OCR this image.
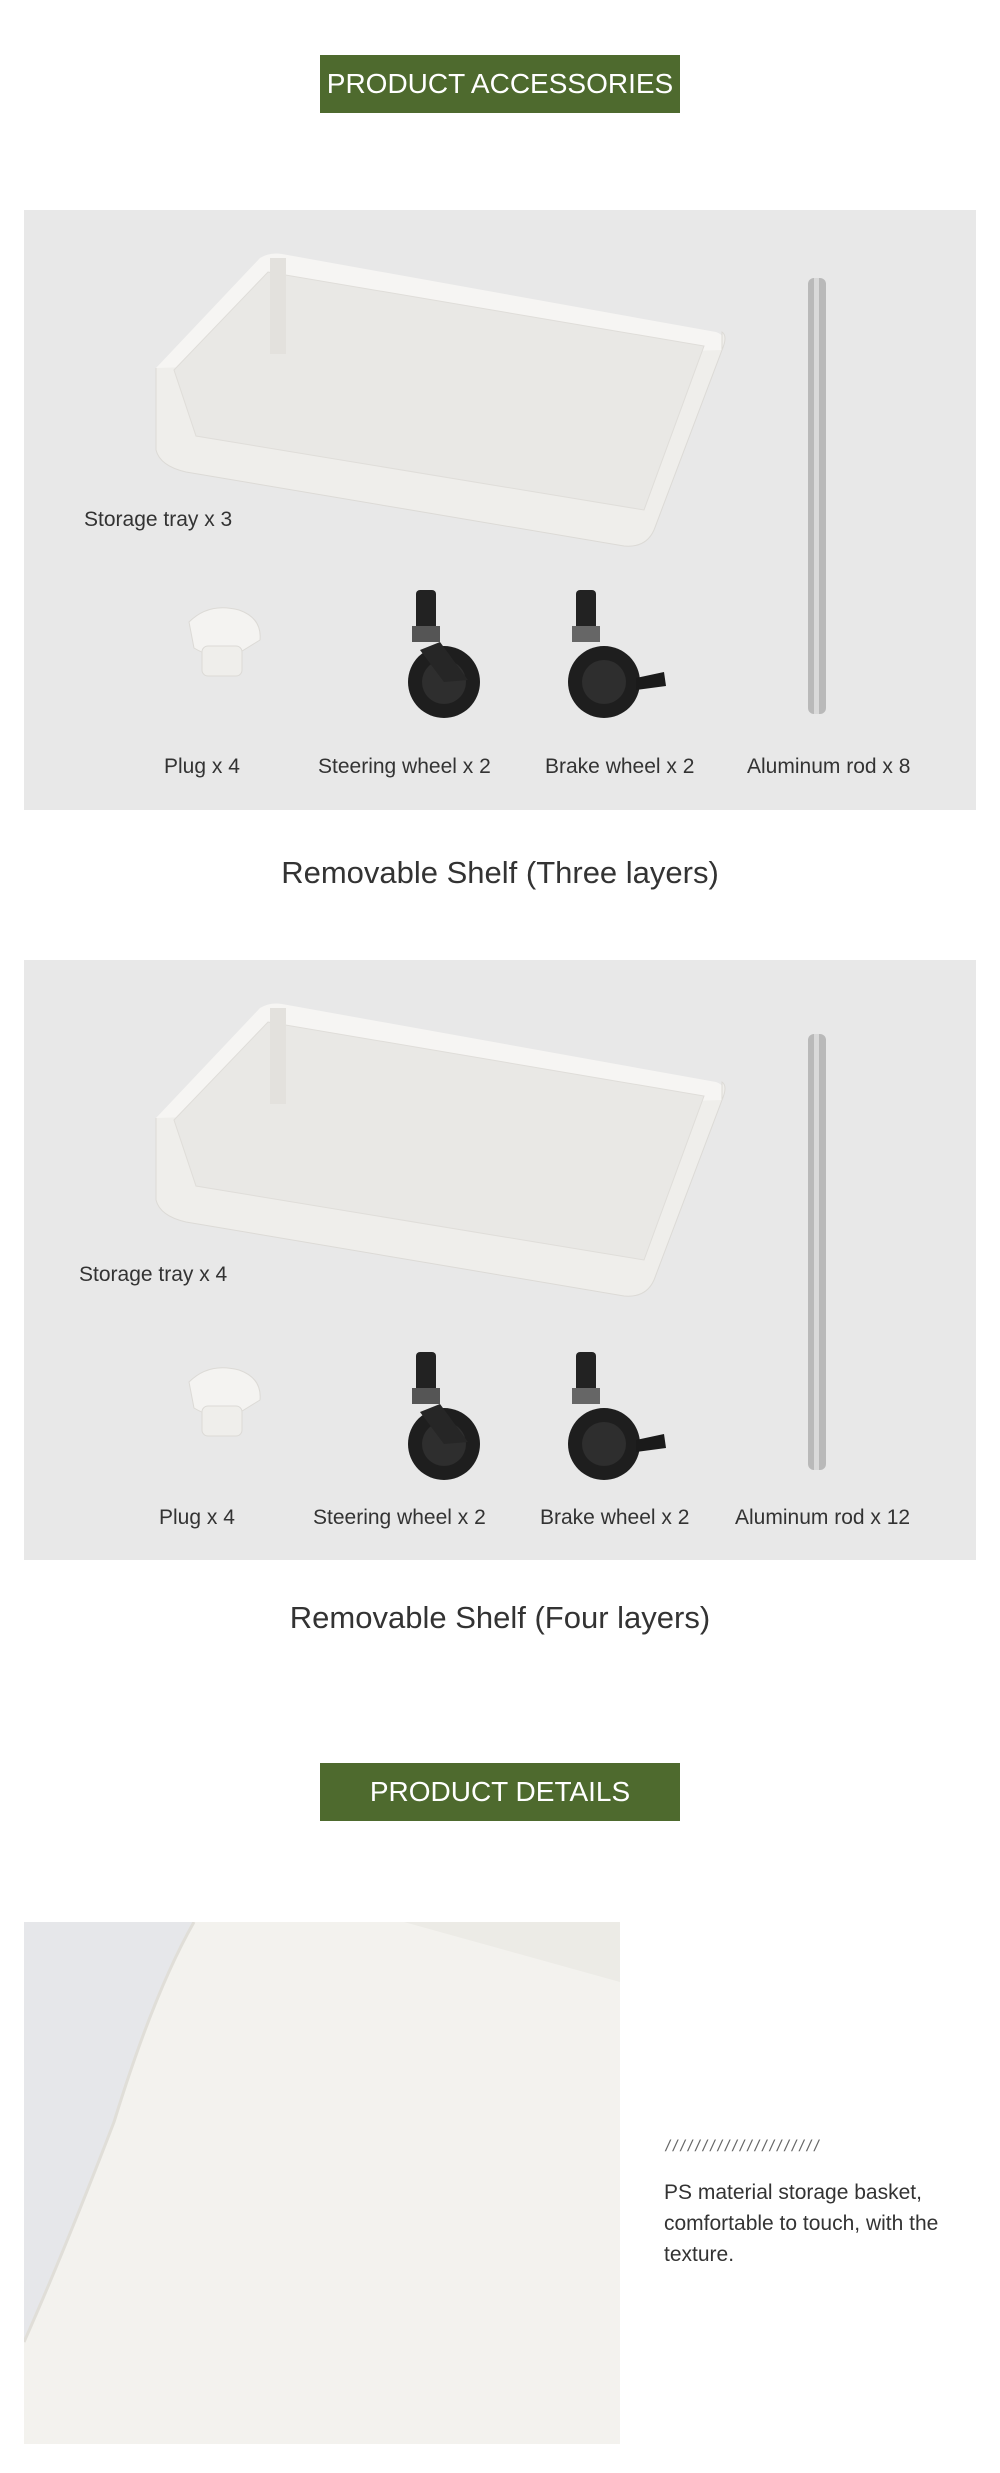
PRODUCT ACCESSORIES
Storage tray x 3
Plug x 4	Steering wheel x 2	Brake wheel x 2	Aluminum rod x 8
Removable Shelf (Three layers)
Storage tray x 4
Plug x 4	Steering wheel x 2	Brake wheel x 2 Aluminum rod x 12
Removable Shelf (Four layers)
PRODUCT DETAILS
/////////////////////
PS material storage basket, comfortable to touch, with the texture.
